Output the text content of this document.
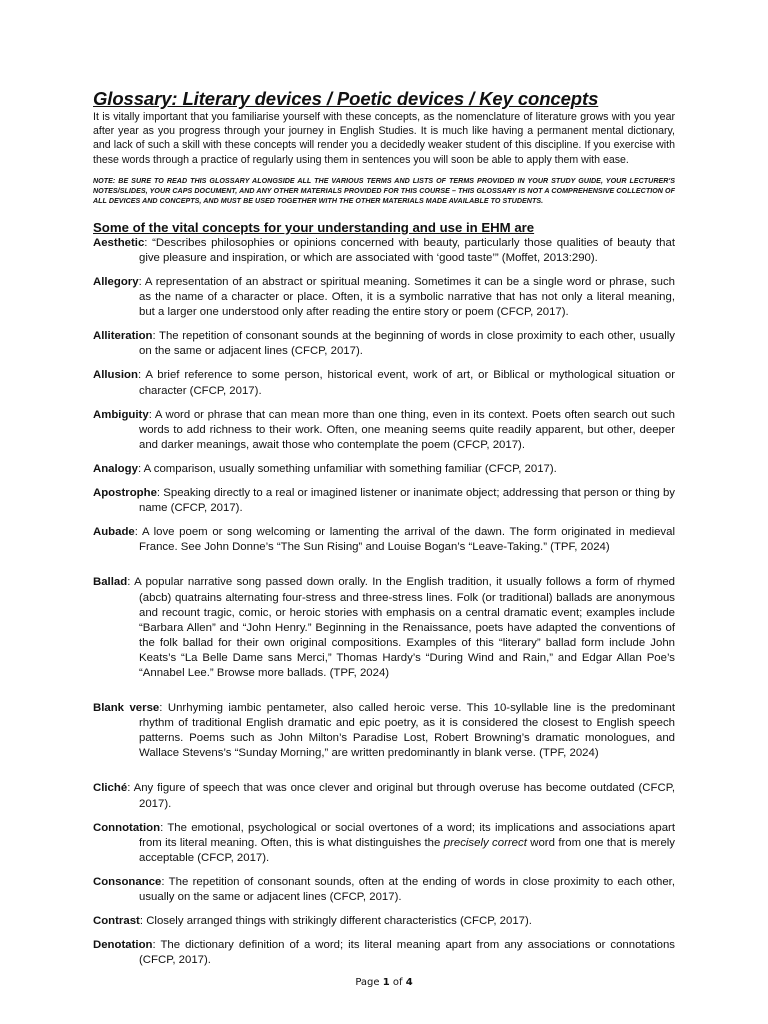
Glossary: Literary devices / Poetic devices / Key concepts

It is vitally important that you familiarise yourself with these concepts, as the nomenclature of literature grows with you year after year as you progress through your journey in English Studies. It is much like having a permanent mental dictionary, and lack of such a skill with these concepts will render you a decidedly weaker student of this discipline. If you exercise with these words through a practice of regularly using them in sentences you will soon be able to apply them with ease.

NOTE: BE SURE TO READ THIS GLOSSARY ALONGSIDE ALL THE VARIOUS TERMS AND LISTS OF TERMS PROVIDED IN YOUR STUDY GUIDE, YOUR LECTURER'S NOTES/SLIDES, YOUR CAPS DOCUMENT, AND ANY OTHER MATERIALS PROVIDED FOR THIS COURSE – THIS GLOSSARY IS NOT A COMPREHENSIVE COLLECTION OF ALL DEVICES AND CONCEPTS, AND MUST BE USED TOGETHER WITH THE OTHER MATERIALS MADE AVAILABLE TO STUDENTS.

Some of the vital concepts for your understanding and use in EHM are

Aesthetic: “Describes philosophies or opinions concerned with beauty, particularly those qualities of beauty that give pleasure and inspiration, or which are associated with ‘good taste’” (Moffet, 2013:290).

Allegory: A representation of an abstract or spiritual meaning. Sometimes it can be a single word or phrase, such as the name of a character or place. Often, it is a symbolic narrative that has not only a literal meaning, but a larger one understood only after reading the entire story or poem (CFCP, 2017).

Alliteration: The repetition of consonant sounds at the beginning of words in close proximity to each other, usually on the same or adjacent lines (CFCP, 2017).

Allusion: A brief reference to some person, historical event, work of art, or Biblical or mythological situation or character (CFCP, 2017).

Ambiguity: A word or phrase that can mean more than one thing, even in its context. Poets often search out such words to add richness to their work. Often, one meaning seems quite readily apparent, but other, deeper and darker meanings, await those who contemplate the poem (CFCP, 2017).

Analogy: A comparison, usually something unfamiliar with something familiar (CFCP, 2017).

Apostrophe: Speaking directly to a real or imagined listener or inanimate object; addressing that person or thing by name (CFCP, 2017).

Aubade: A love poem or song welcoming or lamenting the arrival of the dawn. The form originated in medieval France. See John Donne’s “The Sun Rising” and Louise Bogan’s “Leave-Taking.” (TPF, 2024)

Ballad: A popular narrative song passed down orally. In the English tradition, it usually follows a form of rhymed (abcb) quatrains alternating four-stress and three-stress lines. Folk (or traditional) ballads are anonymous and recount tragic, comic, or heroic stories with emphasis on a central dramatic event; examples include “Barbara Allen” and “John Henry.” Beginning in the Renaissance, poets have adapted the conventions of the folk ballad for their own original compositions. Examples of this “literary” ballad form include John Keats’s “La Belle Dame sans Merci,” Thomas Hardy’s “During Wind and Rain,” and Edgar Allan Poe’s “Annabel Lee.” Browse more ballads. (TPF, 2024)

Blank verse: Unrhyming iambic pentameter, also called heroic verse. This 10-syllable line is the predominant rhythm of traditional English dramatic and epic poetry, as it is considered the closest to English speech patterns. Poems such as John Milton’s Paradise Lost, Robert Browning’s dramatic monologues, and Wallace Stevens’s “Sunday Morning,” are written predominantly in blank verse. (TPF, 2024)

Cliché: Any figure of speech that was once clever and original but through overuse has become outdated (CFCP, 2017).

Connotation: The emotional, psychological or social overtones of a word; its implications and associations apart from its literal meaning. Often, this is what distinguishes the precisely correct word from one that is merely acceptable (CFCP, 2017).

Consonance: The repetition of consonant sounds, often at the ending of words in close proximity to each other, usually on the same or adjacent lines (CFCP, 2017).

Contrast: Closely arranged things with strikingly different characteristics (CFCP, 2017).

Denotation: The dictionary definition of a word; its literal meaning apart from any associations or connotations (CFCP, 2017).

Page 1 of 4
